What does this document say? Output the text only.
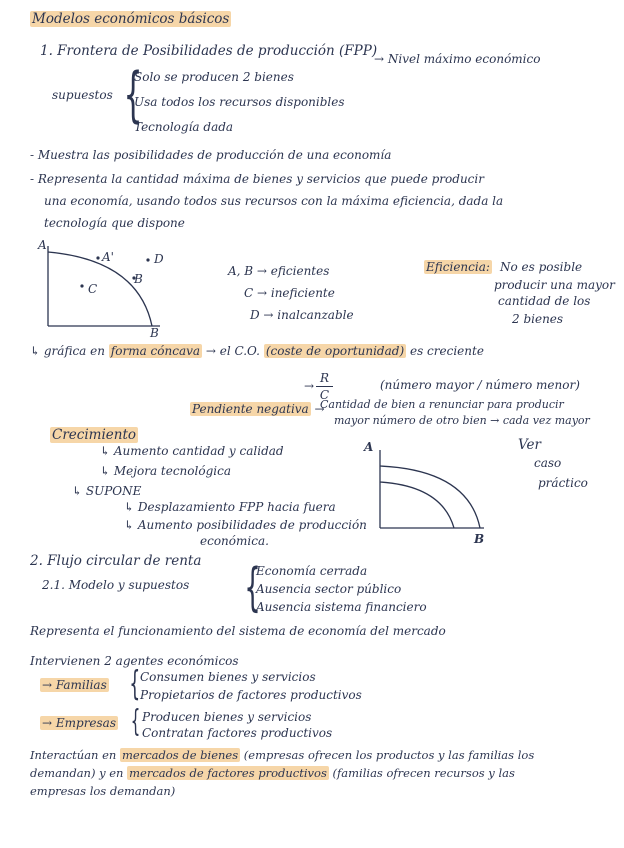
Modelos económicos básicos
1. Frontera de Posibilidades de producción (FPP)
→ Nivel máximo económico
supuestos {
Solo se producen 2 bienes
Usa todos los recursos disponibles
Tecnología dada
- Muestra las posibilidades de producción de una economía
- Representa la cantidad máxima de bienes y servicios que puede producir
una economía, usando todos sus recursos con la máxima eficiencia, dada la
tecnología que dispone
A
B
A'
B
C
D
A, B → eficientes
C → ineficiente
D → inalcanzable
Eficiencia: No es posible
producir una mayor
cantidad de los
2 bienes
↳ gráfica en forma cóncava → el C.O. (coste de oportunidad) es creciente
→
R
C
(número mayor / número menor)
Pendiente negativa →
Cantidad de bien a renunciar para producir
mayor número de otro bien → cada vez mayor
Crecimiento
↳ Aumento cantidad y calidad
↳ Mejora tecnológica
↳ SUPONE
↳ Desplazamiento FPP hacia fuera
↳ Aumento posibilidades de producción
económica.
A
B
Ver
caso
práctico
2. Flujo circular de renta
2.1. Modelo y supuestos {
Economía cerrada
Ausencia sector público
Ausencia sistema financiero
Representa el funcionamiento del sistema de economía del mercado
Intervienen 2 agentes económicos
→ Familias { Consumen bienes y servicios
Propietarios de factores productivos
→ Empresas { Producen bienes y servicios
Contratan factores productivos
Interactúan en mercados de bienes (empresas ofrecen los productos y las familias los
demandan) y en mercados de factores productivos (familias ofrecen recursos y las
empresas los demandan)
